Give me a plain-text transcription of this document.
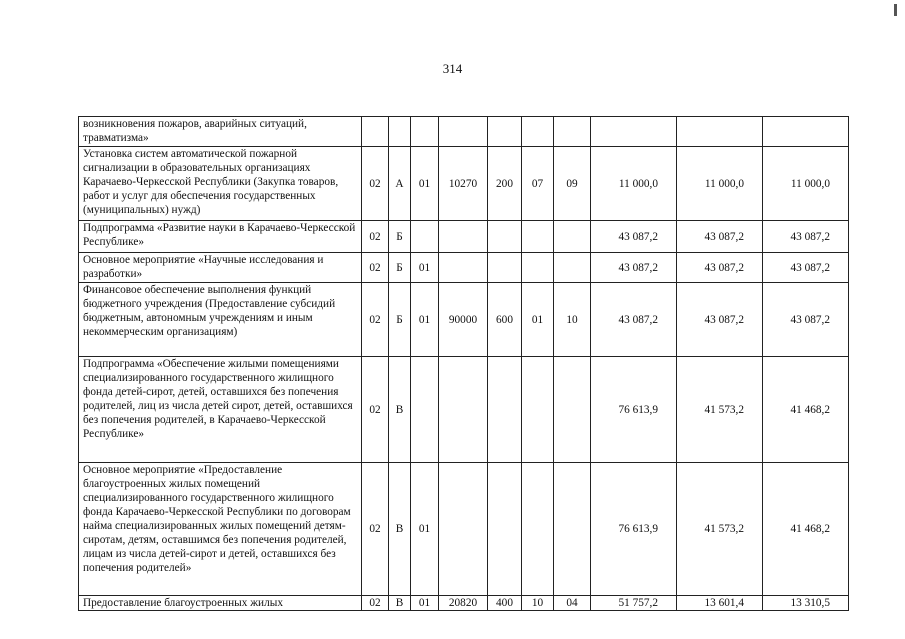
314
возникновения пожаров, аварийных ситуаций, травматизма»										
Установка систем автоматической пожарной сигнализации в образовательных организациях Карачаево-Черкесской Республики (Закупка товаров, работ и услуг для обеспечения государственных (муниципальных) нужд)	02	А	01	10270	200	07	09	11 000,0	11 000,0	11 000,0
Подпрограмма «Развитие науки в Карачаево-Черкесской Республике»	02	Б						43 087,2	43 087,2	43 087,2
Основное мероприятие «Научные исследования и разработки»	02	Б	01					43 087,2	43 087,2	43 087,2
Финансовое обеспечение выполнения функций бюджетного учреждения (Предоставление субсидий бюджетным, автономным учреждениям и иным некоммерческим организациям)	02	Б	01	90000	600	01	10	43 087,2	43 087,2	43 087,2
Подпрограмма «Обеспечение жилыми помещениями специализированного государственного жилищного фонда детей-сирот, детей, оставшихся без попечения родителей, лиц из числа детей сирот, детей, оставшихся без попечения родителей, в Карачаево-Черкесской Республике»	02	В						76 613,9	41 573,2	41 468,2
Основное мероприятие «Предоставление благоустроенных жилых помещений специализированного государственного жилищного фонда Карачаево-Черкесской Республики по договорам найма специализированных жилых помещений детям-сиротам, детям, оставшимся без попечения родителей, лицам из числа детей-сирот и детей, оставшихся без попечения родителей»	02	В	01					76 613,9	41 573,2	41 468,2
Предоставление благоустроенных жилых	02	В	01	20820	400	10	04	51 757,2	13 601,4	13 310,5
